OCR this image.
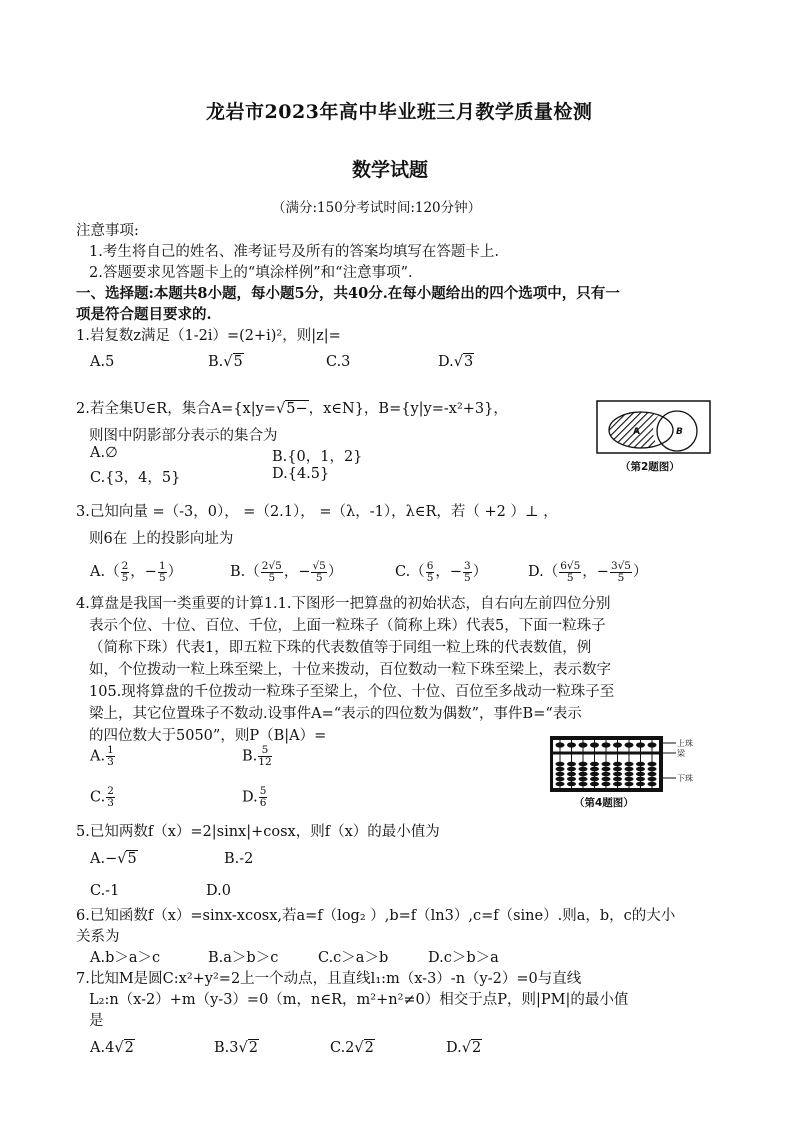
龙岩市2023年高中毕业班三月教学质量检测
数学试题
（满分:150分考试时间:120分钟）
注意事项:
1.考生将自己的姓名、准考证号及所有的答案均填写在答题卡上.
2.答题要求见答题卡上的“填涂样例”和“注意事项”.
一、选择题:本题共8小题，每小题5分，共40分.在每小题给出的四个选项中，只有一
项是符合题目要求的.
1.岩复数z满足（1-2i）=(2+i)²，则|z|=
A.5	B.√5	C.3	D.√3
2.若全集U∈R，集合A={x|y=√5−，x∈N}，B={y|y=-x²+3}，
则图中阴影部分表示的集合为
A.∅	B.{0，1，2}
C.{3，4，5}	D.{4.5}
A	B
（第2题图）
3.己知向量 =（-3，0）， =（2.1）， =（λ，-1），λ∈R，若（ +2 ）⊥ ，
则6在 上的投影向址为
$A.( \frac{2}{5}$ ，− $\frac{1}{5}$ ）	$B.( \frac{2√5}{5}$ ，− $\frac{√5}{5}$ ）	$C.( \frac{6}{5}$ ，− $\frac{3}{5}$ ）	$D.( \frac{6√5}{5}$ ，− $\frac{3√5}{5}$ ）
4.算盘是我国一类重要的计算1.1.下图形一把算盘的初始状态，自右向左前四位分别
表示个位、十位、百位、千位，上面一粒珠子（简称上珠）代表5，下面一粒珠子
（简称下珠）代表1，即五粒下珠的代表数值等于同组一粒上珠的代表数值，例
如，个位拨动一粒上珠至梁上，十位来拨动，百位数动一粒下珠至梁上，表示数字
105.现将算盘的千位拨动一粒珠子至梁上，个位、十位、百位至多战动一粒珠子至
梁上，其它位置珠子不数动.设事件A=“表示的四位数为偶数”，事件B=“表示
的四位数大于5050”，则P（B|A）=
A. $\frac{1}{3}$	B. $\frac{5}{12}$
C. $\frac{2}{3}$	D. $\frac{5}{6}$
上珠
梁
下珠
（第4题图）
5.已知两数f（x）=2|sinx|+cosx，则f（x）的最小值为
A.−√5	B.-2
C.-1	D.0
6.已知函数f（x）=sinx-xcosx,若a=f（log₂ ）,b=f（ln3）,c=f（sine）.则a，b，c的大小
关系为
A.b＞a＞c	B.a＞b＞c	C.c＞a＞b	D.c＞b＞a
7.比知M是圆C:x²+y²=2上一个动点，且直线l₁:m（x-3）-n（y-2）=0与直线
L₂:n（x-2）+m（y-3）=0（m，n∈R，m²+n²≠0）相交于点P，则|PM|的最小值
是
A.4√2	B.3√2	C.2√2	D.√2
